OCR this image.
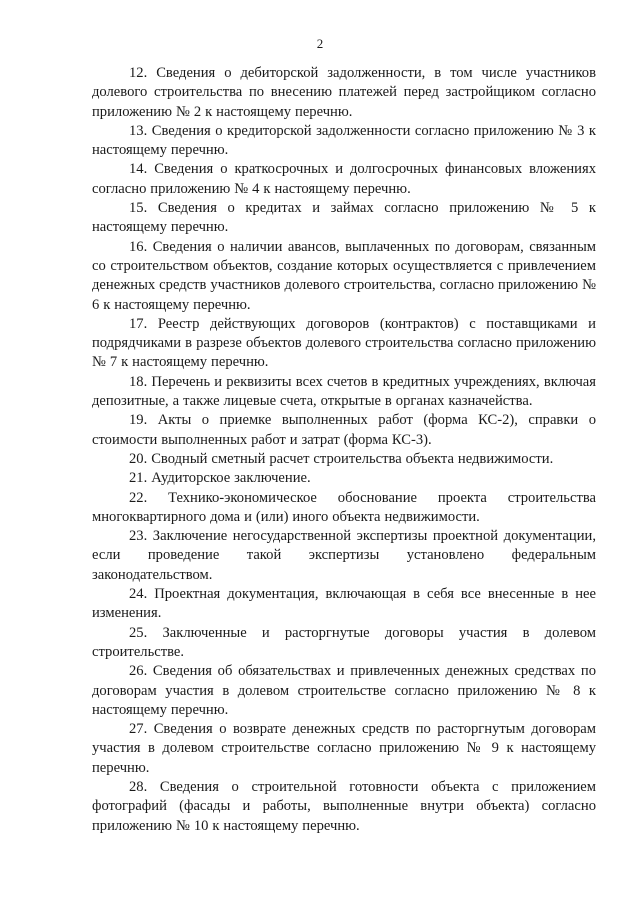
2

12. Сведения о дебиторской задолженности, в том числе участников долевого строительства по внесению платежей перед застройщиком согласно приложению № 2 к настоящему перечню.

13. Сведения о кредиторской задолженности согласно приложению № 3 к настоящему перечню.

14. Сведения о краткосрочных и долгосрочных финансовых вложениях согласно приложению № 4 к настоящему перечню.

15. Сведения о кредитах и займах согласно приложению № 5 к настоящему перечню.

16. Сведения о наличии авансов, выплаченных по договорам, связанным со строительством объектов, создание которых осуществляется с привлечением денежных средств участников долевого строительства, согласно приложению № 6 к настоящему перечню.

17. Реестр действующих договоров (контрактов) с поставщиками и подрядчиками в разрезе объектов долевого строительства согласно приложению № 7 к настоящему перечню.

18. Перечень и реквизиты всех счетов в кредитных учреждениях, включая депозитные, а также лицевые счета, открытые в органах казначейства.

19. Акты о приемке выполненных работ (форма КС-2), справки о стоимости выполненных работ и затрат (форма КС-3).

20. Сводный сметный расчет строительства объекта недвижимости.

21. Аудиторское заключение.

22. Технико-экономическое обоснование проекта строительства многоквартирного дома и (или) иного объекта недвижимости.

23. Заключение негосударственной экспертизы проектной документации, если проведение такой экспертизы установлено федеральным законодательством.

24. Проектная документация, включающая в себя все внесенные в нее изменения.

25. Заключенные и расторгнутые договоры участия в долевом строительстве.

26. Сведения об обязательствах и привлеченных денежных средствах по договорам участия в долевом строительстве согласно приложению № 8 к настоящему перечню.

27. Сведения о возврате денежных средств по расторгнутым договорам участия в долевом строительстве согласно приложению № 9 к настоящему перечню.

28. Сведения о строительной готовности объекта с приложением фотографий (фасады и работы, выполненные внутри объекта) согласно приложению № 10 к настоящему перечню.
